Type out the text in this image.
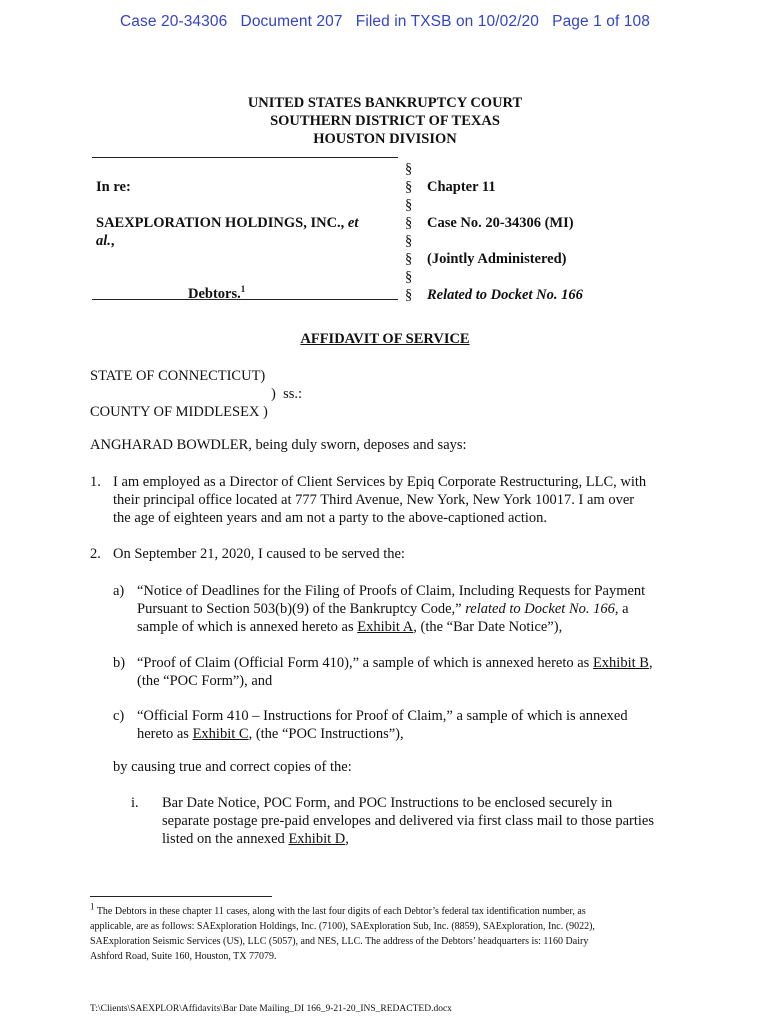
Case 20-34306   Document 207   Filed in TXSB on 10/02/20   Page 1 of 108
UNITED STATES BANKRUPTCY COURT
SOUTHERN DISTRICT OF TEXAS
HOUSTON DIVISION
§
§
§
§
§
§
§
§
In re:
SAEXPLORATION HOLDINGS, INC., et
al.,
Debtors.$^1$
Chapter 11
Case No. 20-34306 (MI)
(Jointly Administered)
Related to Docket No. 166
AFFIDAVIT OF SERVICE
STATE OF CONNECTICUT)
)  ss.:
COUNTY OF MIDDLESEX )
ANGHARAD BOWDLER, being duly sworn, deposes and says:
1. I am employed as a Director of Client Services by Epiq Corporate Restructuring, LLC, with
their principal office located at 777 Third Avenue, New York, New York 10017. I am over
the age of eighteen years and am not a party to the above-captioned action.
2. On September 21, 2020, I caused to be served the:
a) “Notice of Deadlines for the Filing of Proofs of Claim, Including Requests for Payment
Pursuant to Section 503(b)(9) of the Bankruptcy Code,” related to Docket No. 166, a
sample of which is annexed hereto as Exhibit A, (the “Bar Date Notice”),
b) “Proof of Claim (Official Form 410),” a sample of which is annexed hereto as Exhibit B,
(the “POC Form”), and
c) “Official Form 410 – Instructions for Proof of Claim,” a sample of which is annexed
hereto as Exhibit C, (the “POC Instructions”),
by causing true and correct copies of the:
i. Bar Date Notice, POC Form, and POC Instructions to be enclosed securely in
separate postage pre-paid envelopes and delivered via first class mail to those parties
listed on the annexed Exhibit D,
$^1$ The Debtors in these chapter 11 cases, along with the last four digits of each Debtor’s federal tax identification number, as
applicable, are as follows: SAExploration Holdings, Inc. (7100), SAExploration Sub, Inc. (8859), SAExploration, Inc. (9022),
SAExploration Seismic Services (US), LLC (5057), and NES, LLC. The address of the Debtors’ headquarters is: 1160 Dairy
Ashford Road, Suite 160, Houston, TX 77079.
T:\Clients\SAEXPLOR\Affidavits\Bar Date Mailing_DI 166_9-21-20_INS_REDACTED.docx
